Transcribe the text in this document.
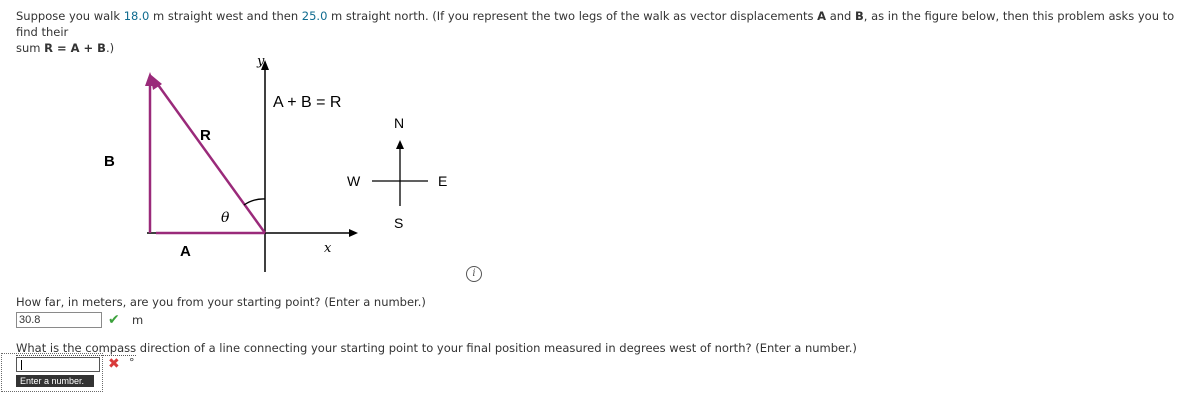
Suppose you walk 18.0 m straight west and then 25.0 m straight north. (If you represent the two legs of the walk as vector displacements A and B, as in the figure below, then this problem asks you to find their
sum R = A + B.)
y
x
A + B = R
R
B
A
θ
N
S
E
W
i
How far, in meters, are you from your starting point? (Enter a number.)
30.8	✔ m
What is the compass direction of a line connecting your starting point to your final position measured in degrees west of north? (Enter a number.)
✖ °
Enter a number.
